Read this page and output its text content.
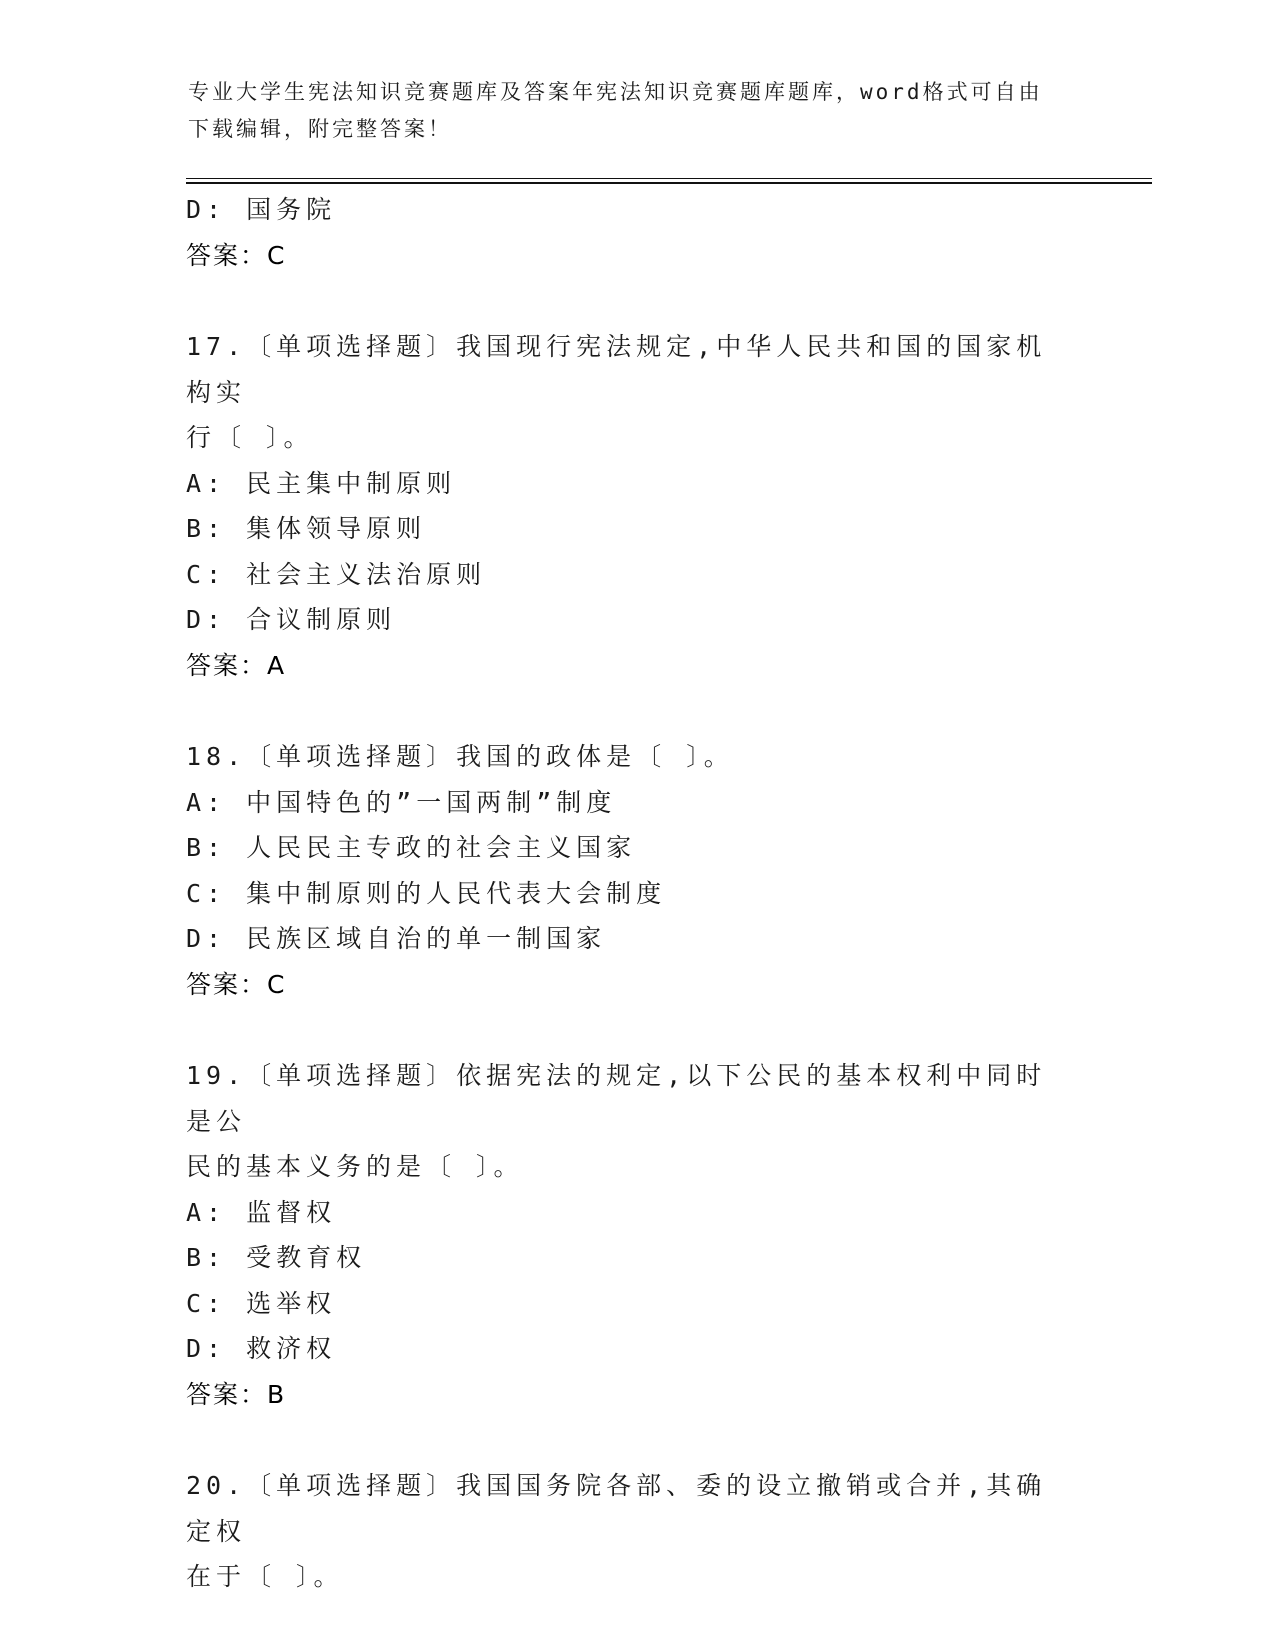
专业大学生宪法知识竞赛题库及答案年宪法知识竞赛题库题库，word格式可自由
下载编辑，附完整答案！
D: 国务院
答案：C
17.〔单项选择题〕我国现行宪法规定,中华人民共和国的国家机构实
行〔 〕。
A: 民主集中制原则
B: 集体领导原则
C: 社会主义法治原则
D: 合议制原则
答案：A
18.〔单项选择题〕我国的政体是〔 〕。
A: 中国特色的”一国两制”制度
B: 人民民主专政的社会主义国家
C: 集中制原则的人民代表大会制度
D: 民族区域自治的单一制国家
答案：C
19.〔单项选择题〕依据宪法的规定,以下公民的基本权利中同时是公
民的基本义务的是〔 〕。
A: 监督权
B: 受教育权
C: 选举权
D: 救济权
答案：B
20.〔单项选择题〕我国国务院各部、委的设立撤销或合并,其确定权
在于〔 〕。
